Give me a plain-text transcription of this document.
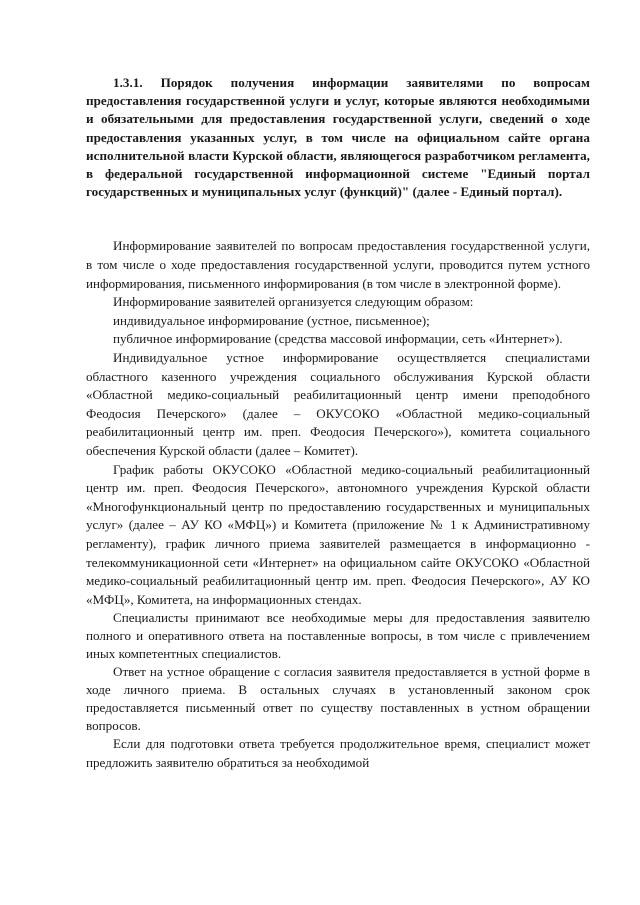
1.3.1. Порядок получения информации заявителями по вопросам предоставления государственной услуги и услуг, которые являются необходимыми и обязательными для предоставления государственной услуги, сведений о ходе предоставления указанных услуг, в том числе на официальном сайте органа исполнительной власти Курской области, являющегося разработчиком регламента, в федеральной государственной информационной системе "Единый портал государственных и муниципальных услуг (функций)" (далее - Единый портал).

Информирование заявителей по вопросам предоставления государственной услуги, в том числе о ходе предоставления государственной услуги, проводится путем устного информирования, письменного информирования (в том числе в электронной форме).

Информирование заявителей организуется следующим образом:

индивидуальное информирование (устное, письменное);

публичное информирование (средства массовой информации, сеть «Интернет»).

Индивидуальное устное информирование осуществляется специалистами областного казенного учреждения социального обслуживания Курской области «Областной медико-социальный реабилитационный центр имени преподобного Феодосия Печерского» (далее – ОКУСОКО «Областной медико-социальный реабилитационный центр им. преп. Феодосия Печерского»), комитета социального обеспечения Курской области (далее – Комитет).

График работы ОКУСОКО «Областной медико-социальный реабилитационный центр им. преп. Феодосия Печерского», автономного учреждения Курской области «Многофункциональный центр по предоставлению государственных и муниципальных услуг» (далее – АУ КО «МФЦ») и Комитета (приложение № 1 к Административному регламенту), график личного приема заявителей размещается в информационно - телекоммуникационной сети «Интернет» на официальном сайте ОКУСОКО «Областной медико-социальный реабилитационный центр им. преп. Феодосия Печерского», АУ КО «МФЦ», Комитета, на информационных стендах.

Специалисты принимают все необходимые меры для предоставления заявителю полного и оперативного ответа на поставленные вопросы, в том числе с привлечением иных компетентных специалистов.

Ответ на устное обращение с согласия заявителя предоставляется в устной форме в ходе личного приема. В остальных случаях в установленный законом срок предоставляется письменный ответ по существу поставленных в устном обращении вопросов.

Если для подготовки ответа требуется продолжительное время, специалист может предложить заявителю обратиться за необходимой
